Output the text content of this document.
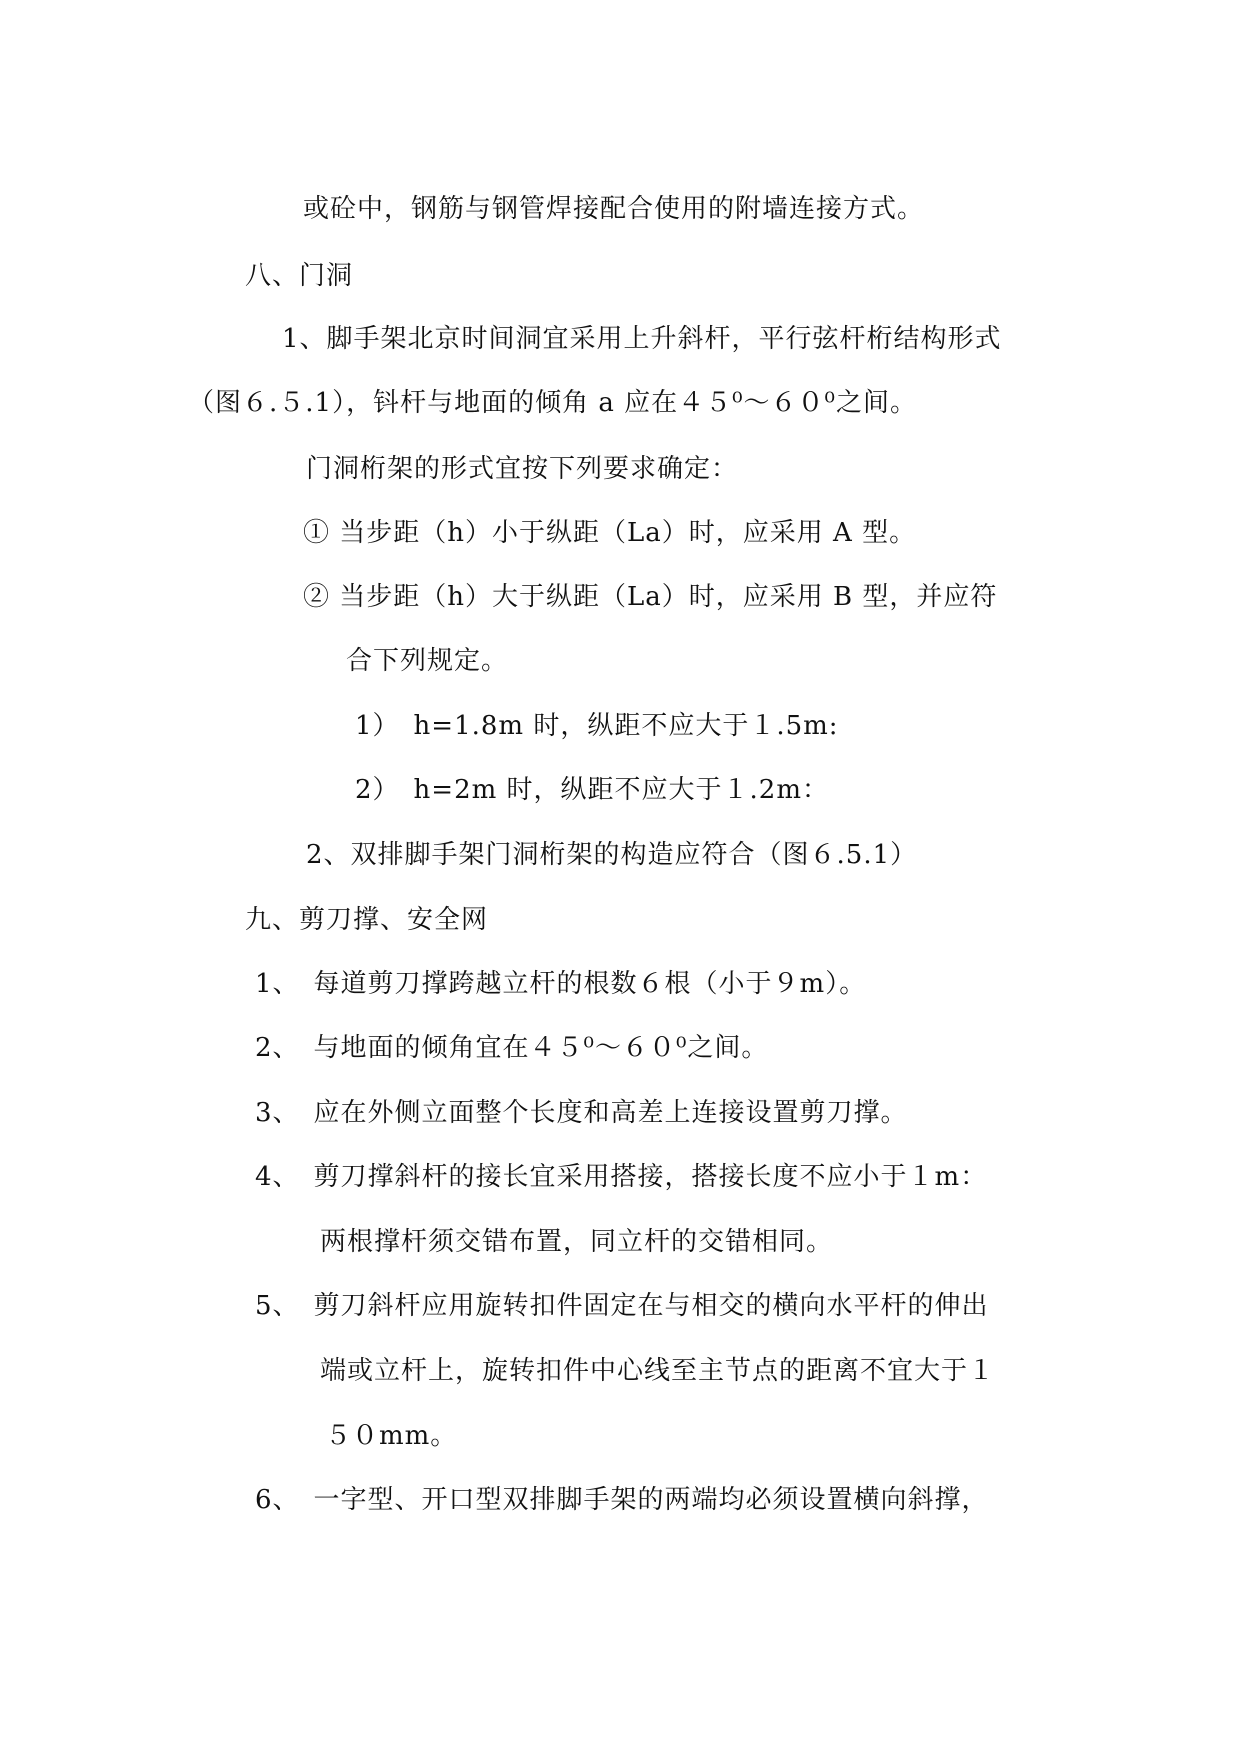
或砼中，钢筋与钢管焊接配合使用的附墙连接方式。
八、门洞
1、脚手架北京时间洞宜采用上升斜杆，平行弦杆桁结构形式
（图６.５.1），钭杆与地面的倾角 a 应在４５⁰～６０⁰之间。
门洞桁架的形式宜按下列要求确定：
① 当步距（h）小于纵距（La）时，应采用 A 型。
② 当步距（h）大于纵距（La）时，应采用 B 型，并应符
合下列规定。
1）　h=1.8m 时，纵距不应大于１.5m:
2）　h=2m 时，纵距不应大于１.2m：
2、双排脚手架门洞桁架的构造应符合（图６.5.1）
九、剪刀撑、安全网
1、　每道剪刀撑跨越立杆的根数６根（小于９m）。
2、　与地面的倾角宜在４５⁰～６０⁰之间。
3、　应在外侧立面整个长度和高差上连接设置剪刀撑。
4、　剪刀撑斜杆的接长宜采用搭接，搭接长度不应小于１m：
两根撑杆须交错布置，同立杆的交错相同。
5、　剪刀斜杆应用旋转扣件固定在与相交的横向水平杆的伸出
端或立杆上，旋转扣件中心线至主节点的距离不宜大于１
５０mm。
6、　一字型、开口型双排脚手架的两端均必须设置横向斜撑，
